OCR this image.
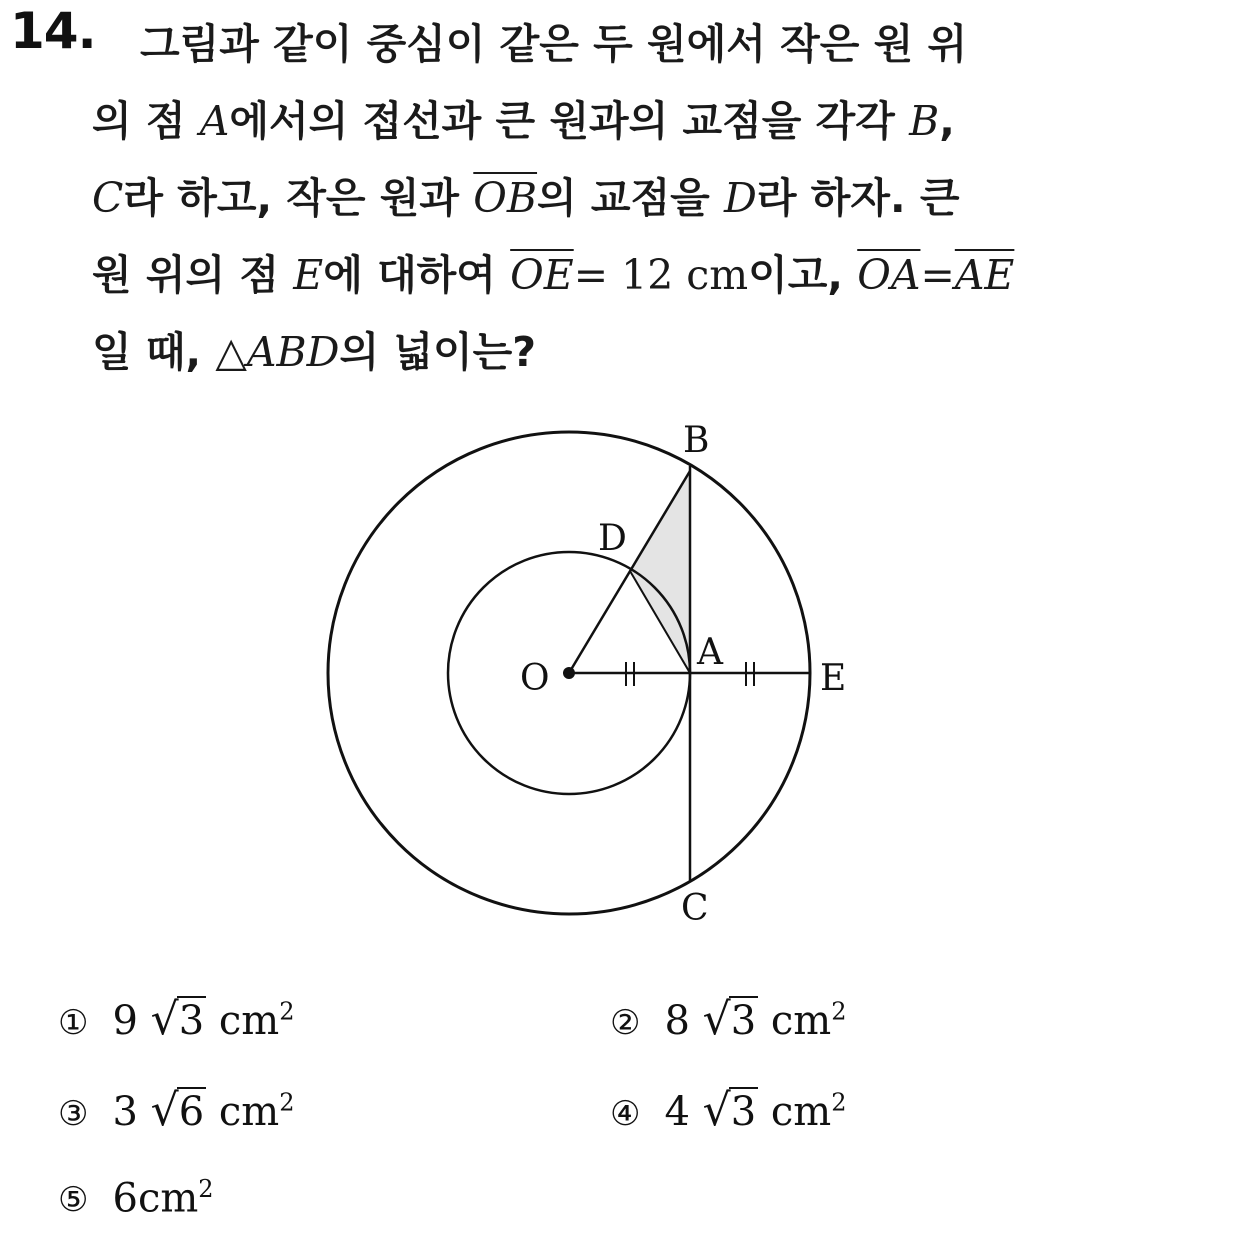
14. 그림과 같이 중심이 같은 두 원에서 작은 원 위
의 점 A에서의 접선과 큰 원과의 교점을 각각 B,
C라 하고, 작은 원과 $\overline{OB}$의 교점을 D라 하자. 큰
원 위의 점 E에 대하여 $\overline{OE}= 12$ cm이고, $\overline{OA}=\overline{AE}$
일 때, △ABD의 넓이는?
B
D
A
O	E
C
① 9 √3 $cm^2$	② 8 √3 $cm^2$
③ 3 √6 $cm^2$	④ 4 √3 $cm^2$
⑤ $6cm^2$
